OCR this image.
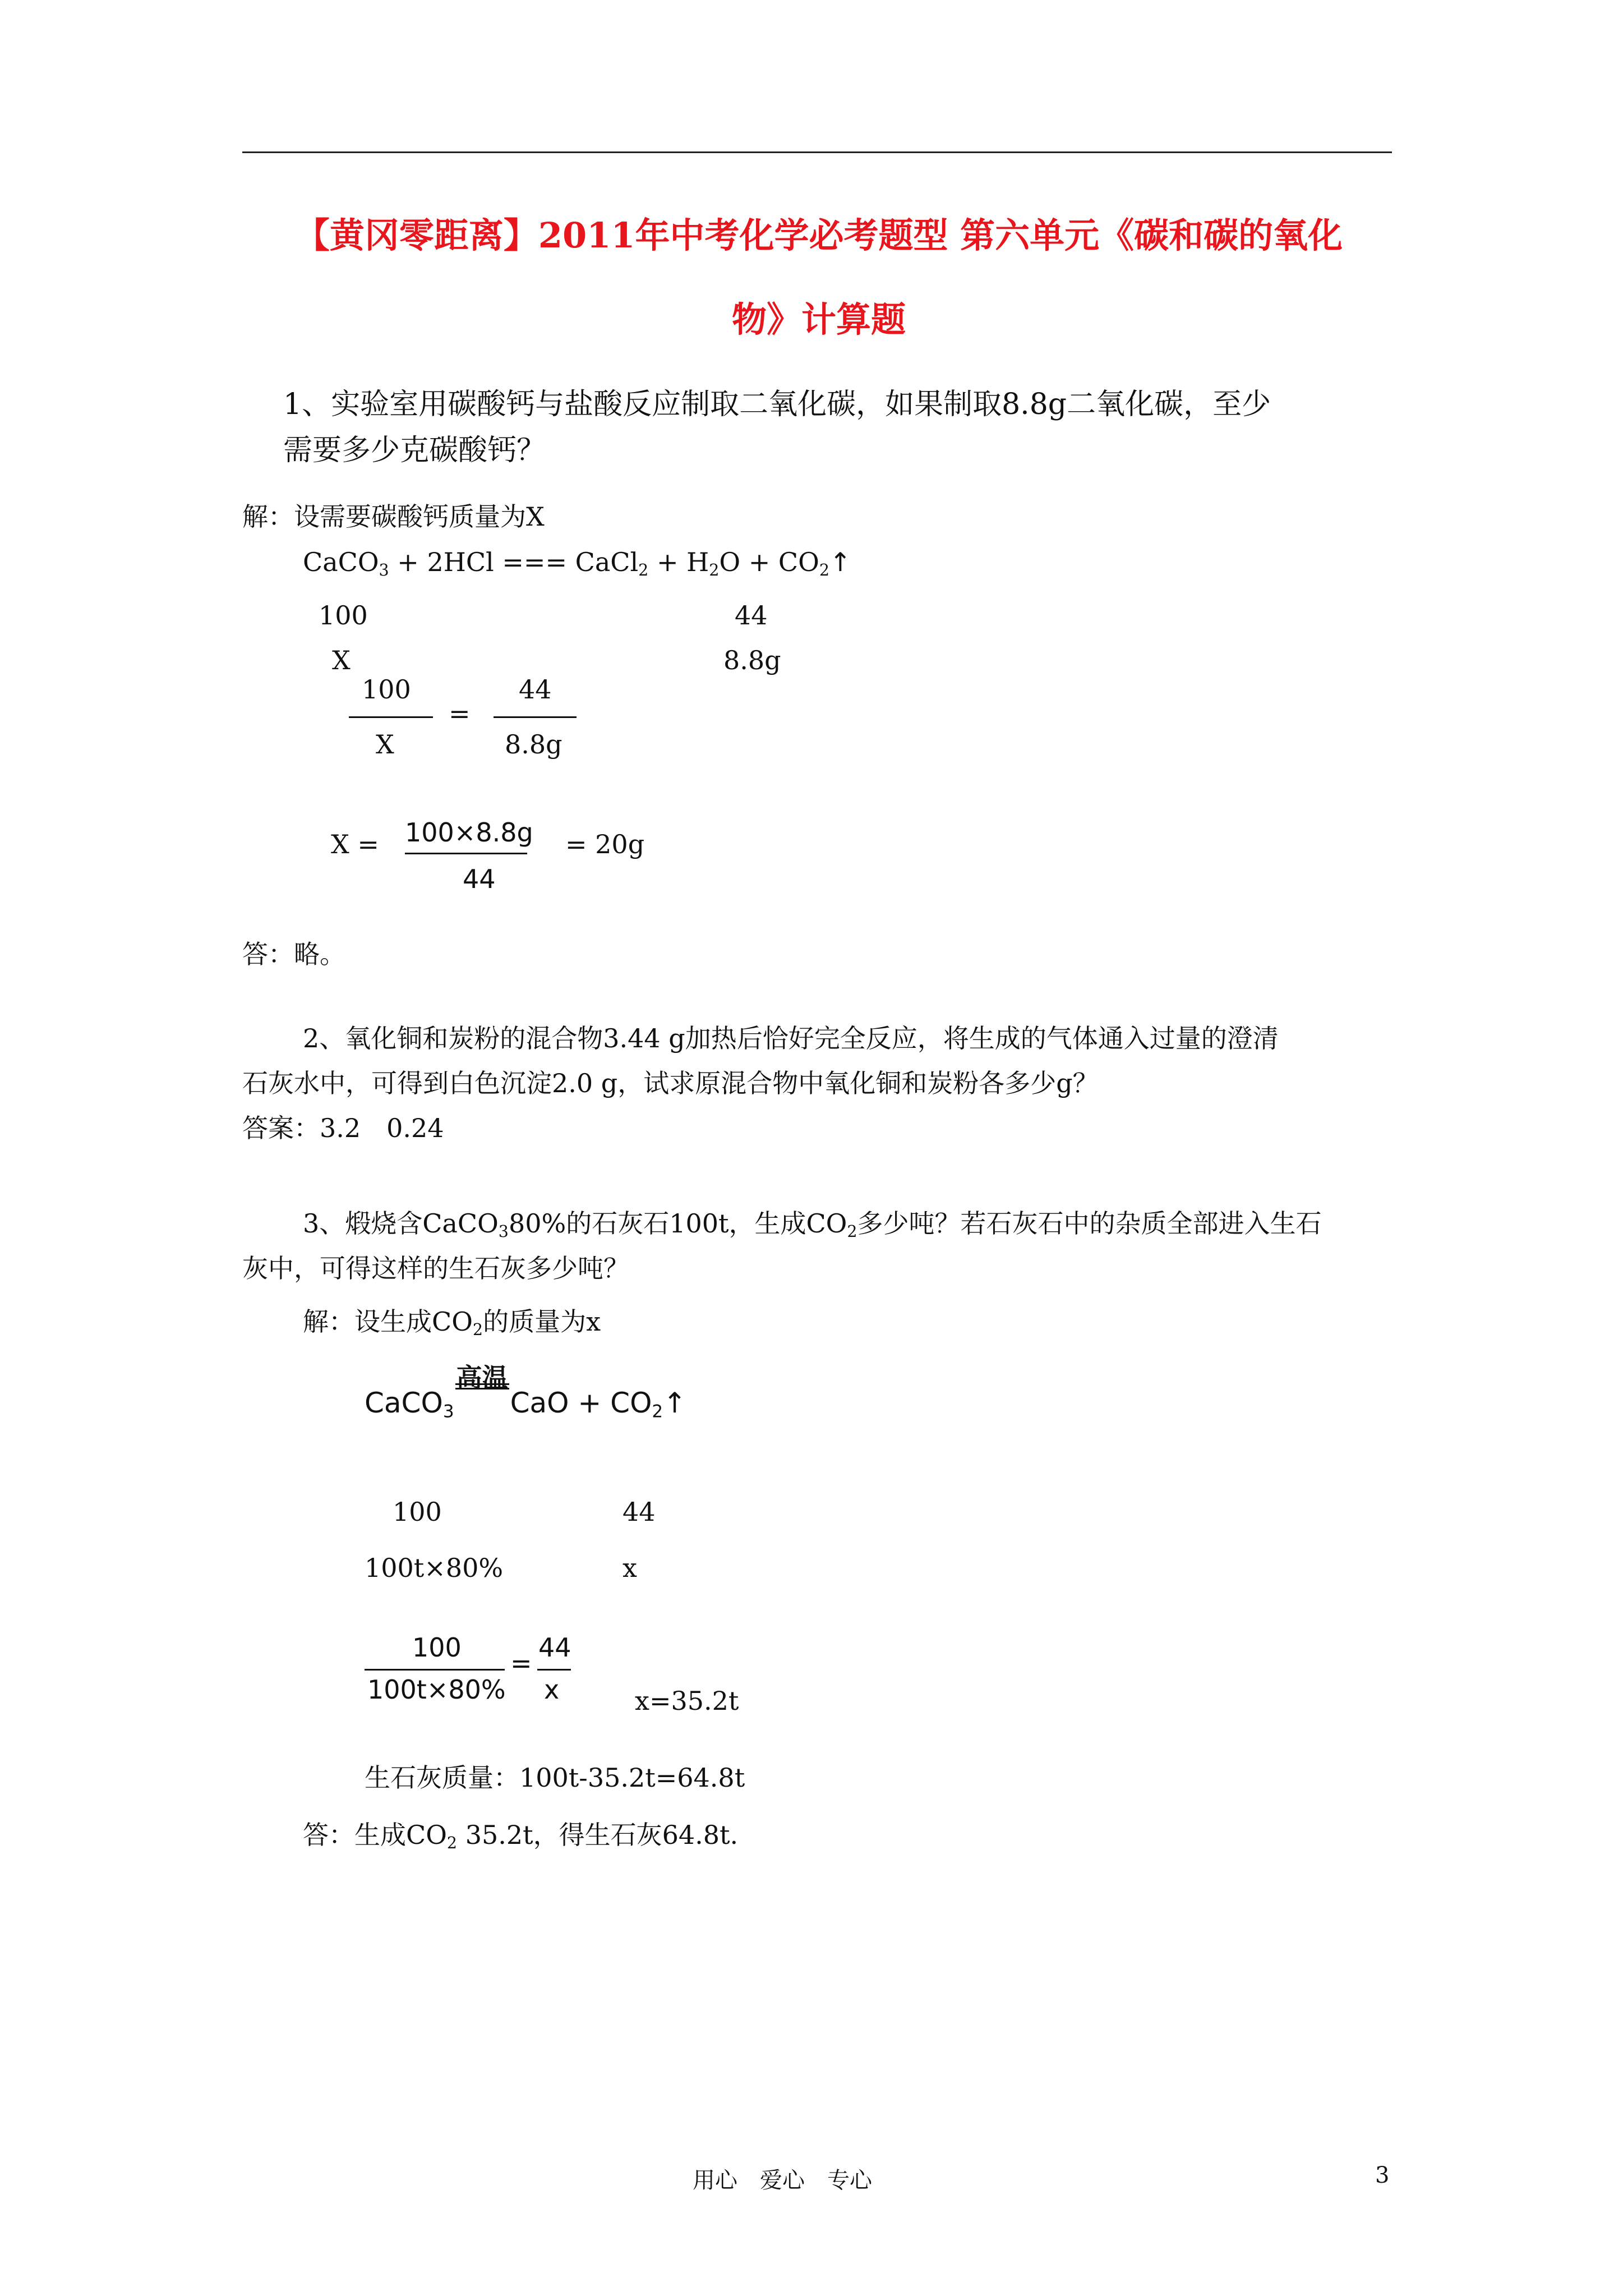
【黄冈零距离】2011年中考化学必考题型 第六单元《碳和碳的氧化
物》计算题
1、实验室用碳酸钙与盐酸反应制取二氧化碳，如果制取8.8g二氧化碳，至少
需要多少克碳酸钙？
解：设需要碳酸钙质量为X
CaCO$_3$ + 2HCl === CaCl$_2$ + $H_2O$ + $CO_2↑$
100	44
X	8.8g
100
X
=
44
8.8g
X = 100×8.8g
44
= 20g
答：略。
2、氧化铜和炭粉的混合物3.44 g加热后恰好完全反应，将生成的气体通入过量的澄清
石灰水中，可得到白色沉淀2.0 g，试求原混合物中氧化铜和炭粉各多少g？
答案：3.2　0.24
3、煅烧含CaCO$_3$80%的石灰石100t，生成$CO_2$多少吨？若石灰石中的杂质全部进入生石
灰中，可得这样的生石灰多少吨？
解：设生成$CO_2$的质量为x
CaCO$_3$
高温
CaO + $CO_2↑$
100	44
100t×80%	x
100
100t×80%
=
44
x	x=35.2t
生石灰质量：100t-35.2t=64.8t
答：生成$CO_2$ 35.2t，得生石灰64.8t.
用心　爱心　专心	3
